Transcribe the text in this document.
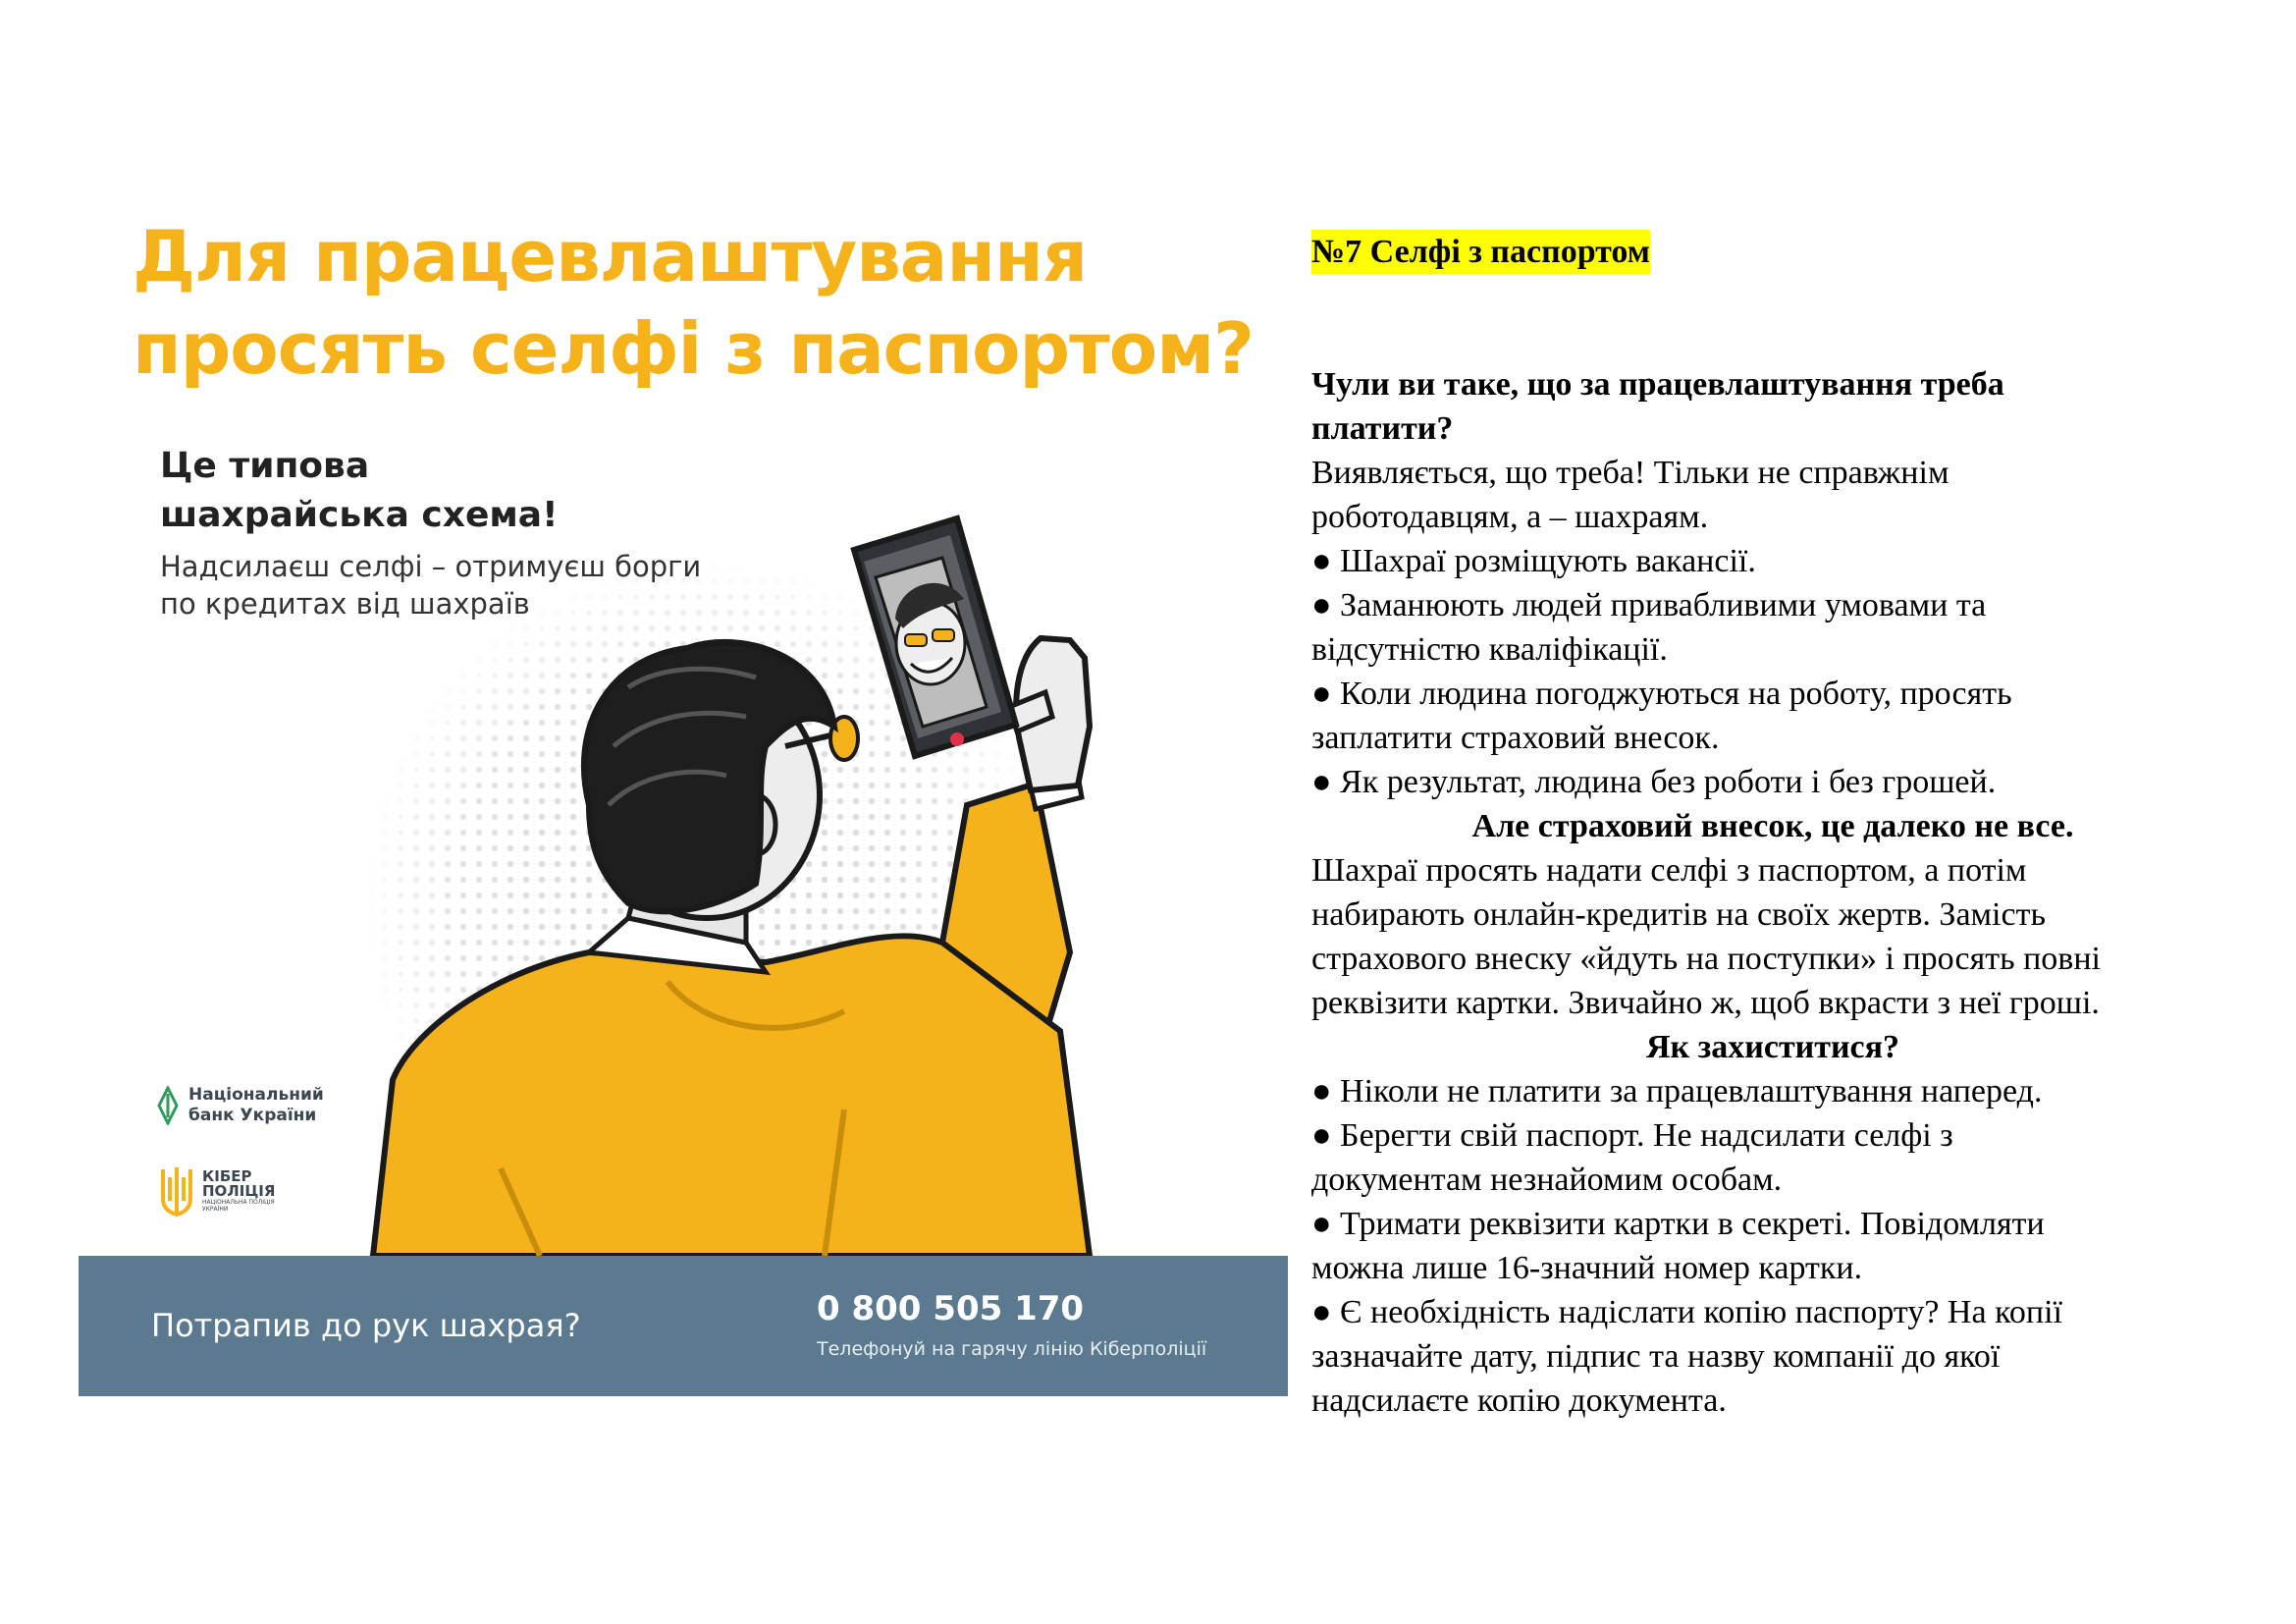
Для працевлаштування
просять селфі з паспортом?
Це типова
шахрайська схема!
Надсилаєш селфі – отримуєш борги
по кредитах від шахраїв
Національний
банк України
КІБЕР
ПОЛІЦІЯ
НАЦІОНАЛЬНА ПОЛІЦІЯ
УКРАЇНИ
Потрапив до рук шахрая?	0 800 505 170
Телефонуй на гарячу лінію Кіберполіції

№7 Селфі з паспортом

Чули ви таке, що за працевлаштування треба

платити?

Виявляється, що треба! Тільки не справжнім

роботодавцям, а – шахраям.

● Шахраї розміщують вакансії.

● Заманюють людей привабливими умовами та

відсутністю кваліфікації.

● Коли людина погоджуються на роботу, просять

заплатити страховий внесок.

● Як результат, людина без роботи і без грошей.

Але страховий внесок, це далеко не все.

Шахраї просять надати селфі з паспортом, а потім

набирають онлайн-кредитів на своїх жертв. Замість

страхового внеску «йдуть на поступки» і просять повні

реквізити картки. Звичайно ж, щоб вкрасти з неї гроші.

Як захиститися?

● Ніколи не платити за працевлаштування наперед.

● Берегти свій паспорт. Не надсилати селфі з

документам незнайомим особам.

● Тримати реквізити картки в секреті. Повідомляти

можна лише 16-значний номер картки.

● Є необхідність надіслати копію паспорту? На копії

зазначайте дату, підпис та назву компанії до якої

надсилаєте копію документа.
